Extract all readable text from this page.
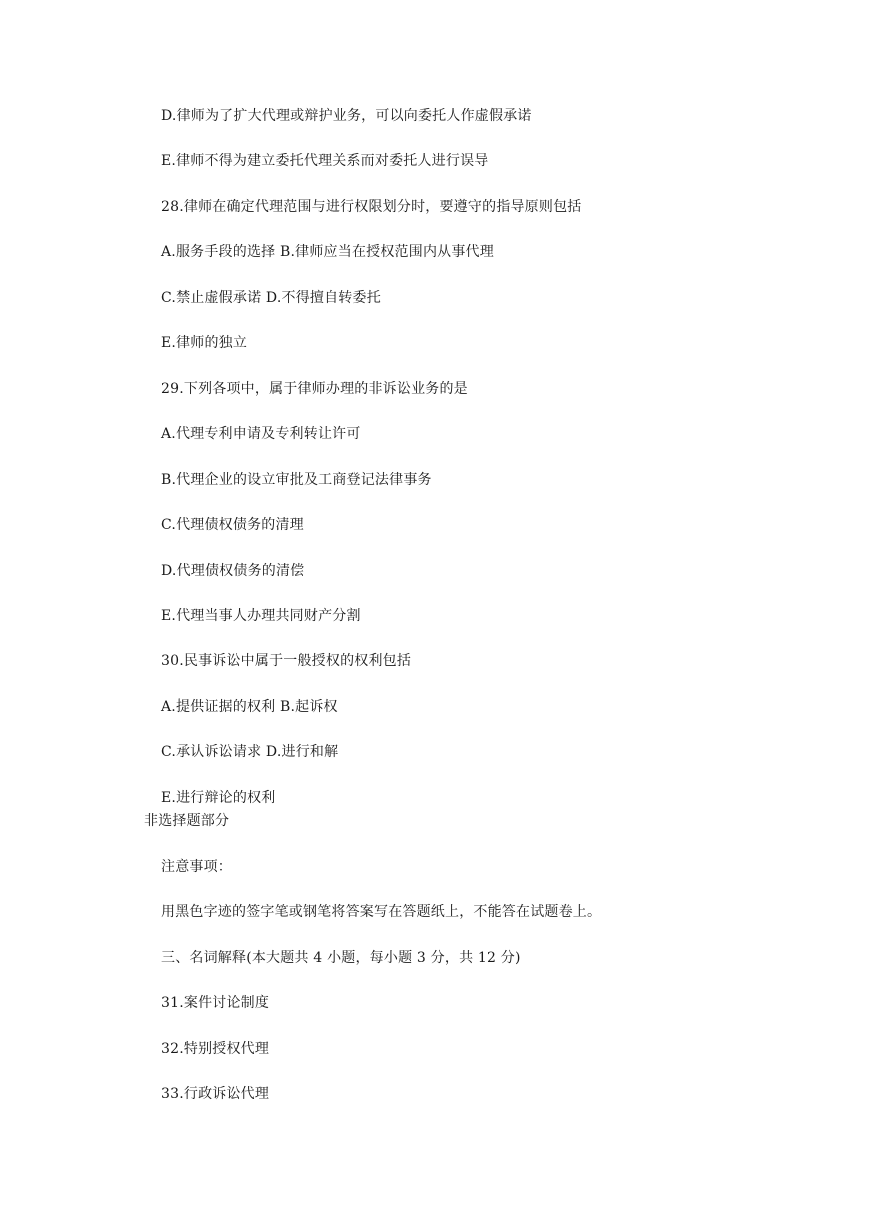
D.律师为了扩大代理或辩护业务，可以向委托人作虚假承诺
E.律师不得为建立委托代理关系而对委托人进行误导
28.律师在确定代理范围与进行权限划分时，要遵守的指导原则包括
A.服务手段的选择 B.律师应当在授权范围内从事代理
C.禁止虚假承诺 D.不得擅自转委托
E.律师的独立
29.下列各项中，属于律师办理的非诉讼业务的是
A.代理专利申请及专利转让许可
B.代理企业的设立审批及工商登记法律事务
C.代理债权债务的清理
D.代理债权债务的清偿
E.代理当事人办理共同财产分割
30.民事诉讼中属于一般授权的权利包括
A.提供证据的权利 B.起诉权
C.承认诉讼请求 D.进行和解
E.进行辩论的权利
非选择题部分
注意事项：
用黑色字迹的签字笔或钢笔将答案写在答题纸上，不能答在试题卷上。
三、名词解释(本大题共 4 小题，每小题 3 分，共 12 分)
31.案件讨论制度
32.特别授权代理
33.行政诉讼代理
